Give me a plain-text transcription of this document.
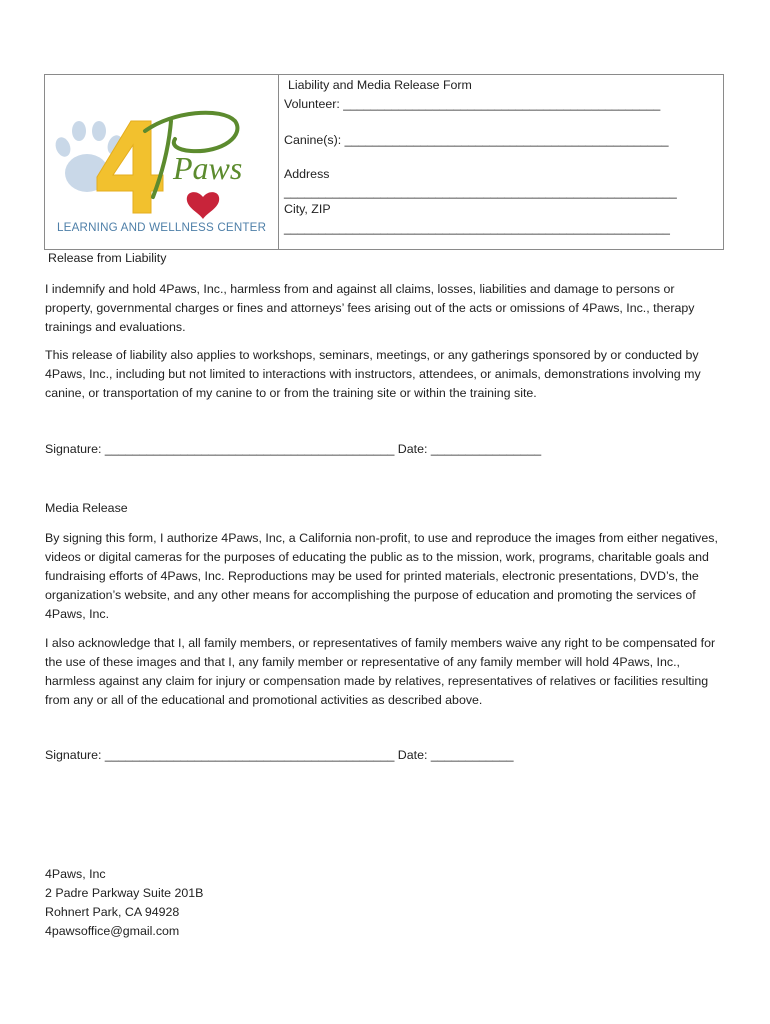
Paws
LEARNING AND WELLNESS CENTER
Liability and Media Release Form
Volunteer: ______________________________________________
Canine(s): _______________________________________________
Address
_________________________________________________________
City, ZIP
________________________________________________________
Release from Liability
I indemnify and hold 4Paws, Inc., harmless from and against all claims, losses, liabilities and damage to persons or property, governmental charges or fines and attorneys’ fees arising out of the acts or omissions of 4Paws, Inc., therapy trainings and evaluations.
This release of liability also applies to workshops, seminars, meetings, or any gatherings sponsored by or conducted by 4Paws, Inc., including but not limited to interactions with instructors, attendees, or animals, demonstrations involving my canine, or transportation of my canine to or from the training site or within the training site.
Signature: __________________________________________ Date: ________________
Media Release
By signing this form, I authorize 4Paws, Inc, a California non-profit, to use and reproduce the images from either negatives, videos or digital cameras for the purposes of educating the public as to the mission, work, programs, charitable goals and fundraising efforts of 4Paws, Inc. Reproductions may be used for printed materials, electronic presentations, DVD’s, the organization’s website, and any other means for accomplishing the purpose of education and promoting the services of 4Paws, Inc.
I also acknowledge that I, all family members, or representatives of family members waive any right to be compensated for the use of these images and that I, any family member or representative of any family member will hold 4Paws, Inc., harmless against any claim for injury or compensation made by relatives, representatives of relatives or facilities resulting from any or all of the educational and promotional activities as described above.
Signature: __________________________________________ Date: ____________
4Paws, Inc
2 Padre Parkway Suite 201B
Rohnert Park, CA 94928
4pawsoffice@gmail.com
